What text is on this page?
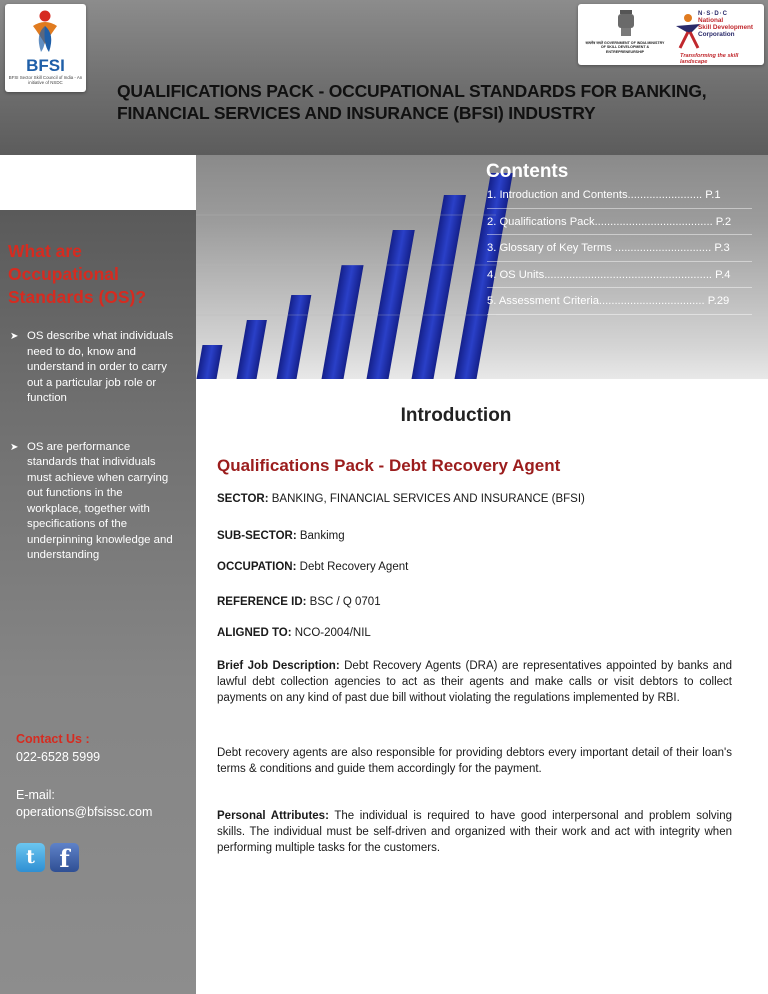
BFSI
BFSI Sector Skill Council of India - An initiative of NSDC
सत्यमेव जयते GOVERNMENT OF INDIA MINISTRY OF SKILL DEVELOPMENT & ENTREPRENEURSHIP
N·S·D·C
National
Skill Development
Corporation
Transforming the skill landscape
QUALIFICATIONS PACK - OCCUPATIONAL STANDARDS FOR BANKING,
FINANCIAL SERVICES AND INSURANCE (BFSI) INDUSTRY
Contents
1. Introduction and Contents........................ P.1
2. Qualifications Pack...................................... P.2
3. Glossary of Key Terms ............................... P.3
4. OS Units...................................................... P.4
5. Assessment Criteria.................................. P.29
What are
Occupational
Standards (OS)?
➤ OS describe what individuals need to do, know and understand in order to carry out a particular job role or function
➤ OS are performance standards that individuals must achieve when carrying out functions in the workplace, together with specifications of the underpinning knowledge and understanding
Contact Us :
022-6528 5999
E-mail:
operations@bfsissc.com
t	f
Introduction
Qualifications Pack - Debt Recovery Agent
SECTOR: BANKING, FINANCIAL SERVICES AND INSURANCE (BFSI)
SUB-SECTOR: Bankimg
OCCUPATION: Debt Recovery Agent
REFERENCE ID: BSC / Q 0701
ALIGNED TO: NCO-2004/NIL
Brief Job Description: Debt Recovery Agents (DRA) are representatives appointed by banks and lawful debt collection agencies to act as their agents and make calls or visit debtors to collect payments on any kind of past due bill without violating the regulations implemented by RBI.
Debt recovery agents are also responsible for providing debtors every important detail of their loan's terms & conditions and guide them accordingly for the payment.
Personal Attributes: The individual is required to have good interpersonal and problem solving skills. The individual must be self-driven and organized with their work and act with integrity when performing multiple tasks for the customers.
